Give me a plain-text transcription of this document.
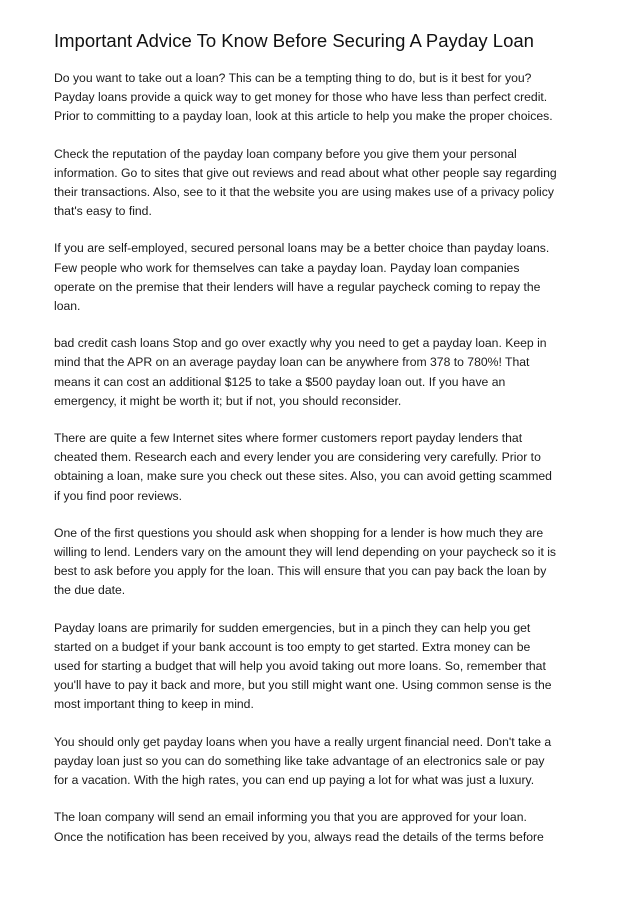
Important Advice To Know Before Securing A Payday Loan

Do you want to take out a loan? This can be a tempting thing to do, but is it best for you?
Payday loans provide a quick way to get money for those who have less than perfect credit.
Prior to committing to a payday loan, look at this article to help you make the proper choices.

Check the reputation of the payday loan company before you give them your personal
information. Go to sites that give out reviews and read about what other people say regarding
their transactions. Also, see to it that the website you are using makes use of a privacy policy
that's easy to find.

If you are self-employed, secured personal loans may be a better choice than payday loans.
Few people who work for themselves can take a payday loan. Payday loan companies
operate on the premise that their lenders will have a regular paycheck coming to repay the
loan.

bad credit cash loans Stop and go over exactly why you need to get a payday loan. Keep in
mind that the APR on an average payday loan can be anywhere from 378 to 780%! That
means it can cost an additional $125 to take a $500 payday loan out. If you have an
emergency, it might be worth it; but if not, you should reconsider.

There are quite a few Internet sites where former customers report payday lenders that
cheated them. Research each and every lender you are considering very carefully. Prior to
obtaining a loan, make sure you check out these sites. Also, you can avoid getting scammed
if you find poor reviews.

One of the first questions you should ask when shopping for a lender is how much they are
willing to lend. Lenders vary on the amount they will lend depending on your paycheck so it is
best to ask before you apply for the loan. This will ensure that you can pay back the loan by
the due date.

Payday loans are primarily for sudden emergencies, but in a pinch they can help you get
started on a budget if your bank account is too empty to get started. Extra money can be
used for starting a budget that will help you avoid taking out more loans. So, remember that
you'll have to pay it back and more, but you still might want one. Using common sense is the
most important thing to keep in mind.

You should only get payday loans when you have a really urgent financial need. Don't take a
payday loan just so you can do something like take advantage of an electronics sale or pay
for a vacation. With the high rates, you can end up paying a lot for what was just a luxury.

The loan company will send an email informing you that you are approved for your loan.
Once the notification has been received by you, always read the details of the terms before
